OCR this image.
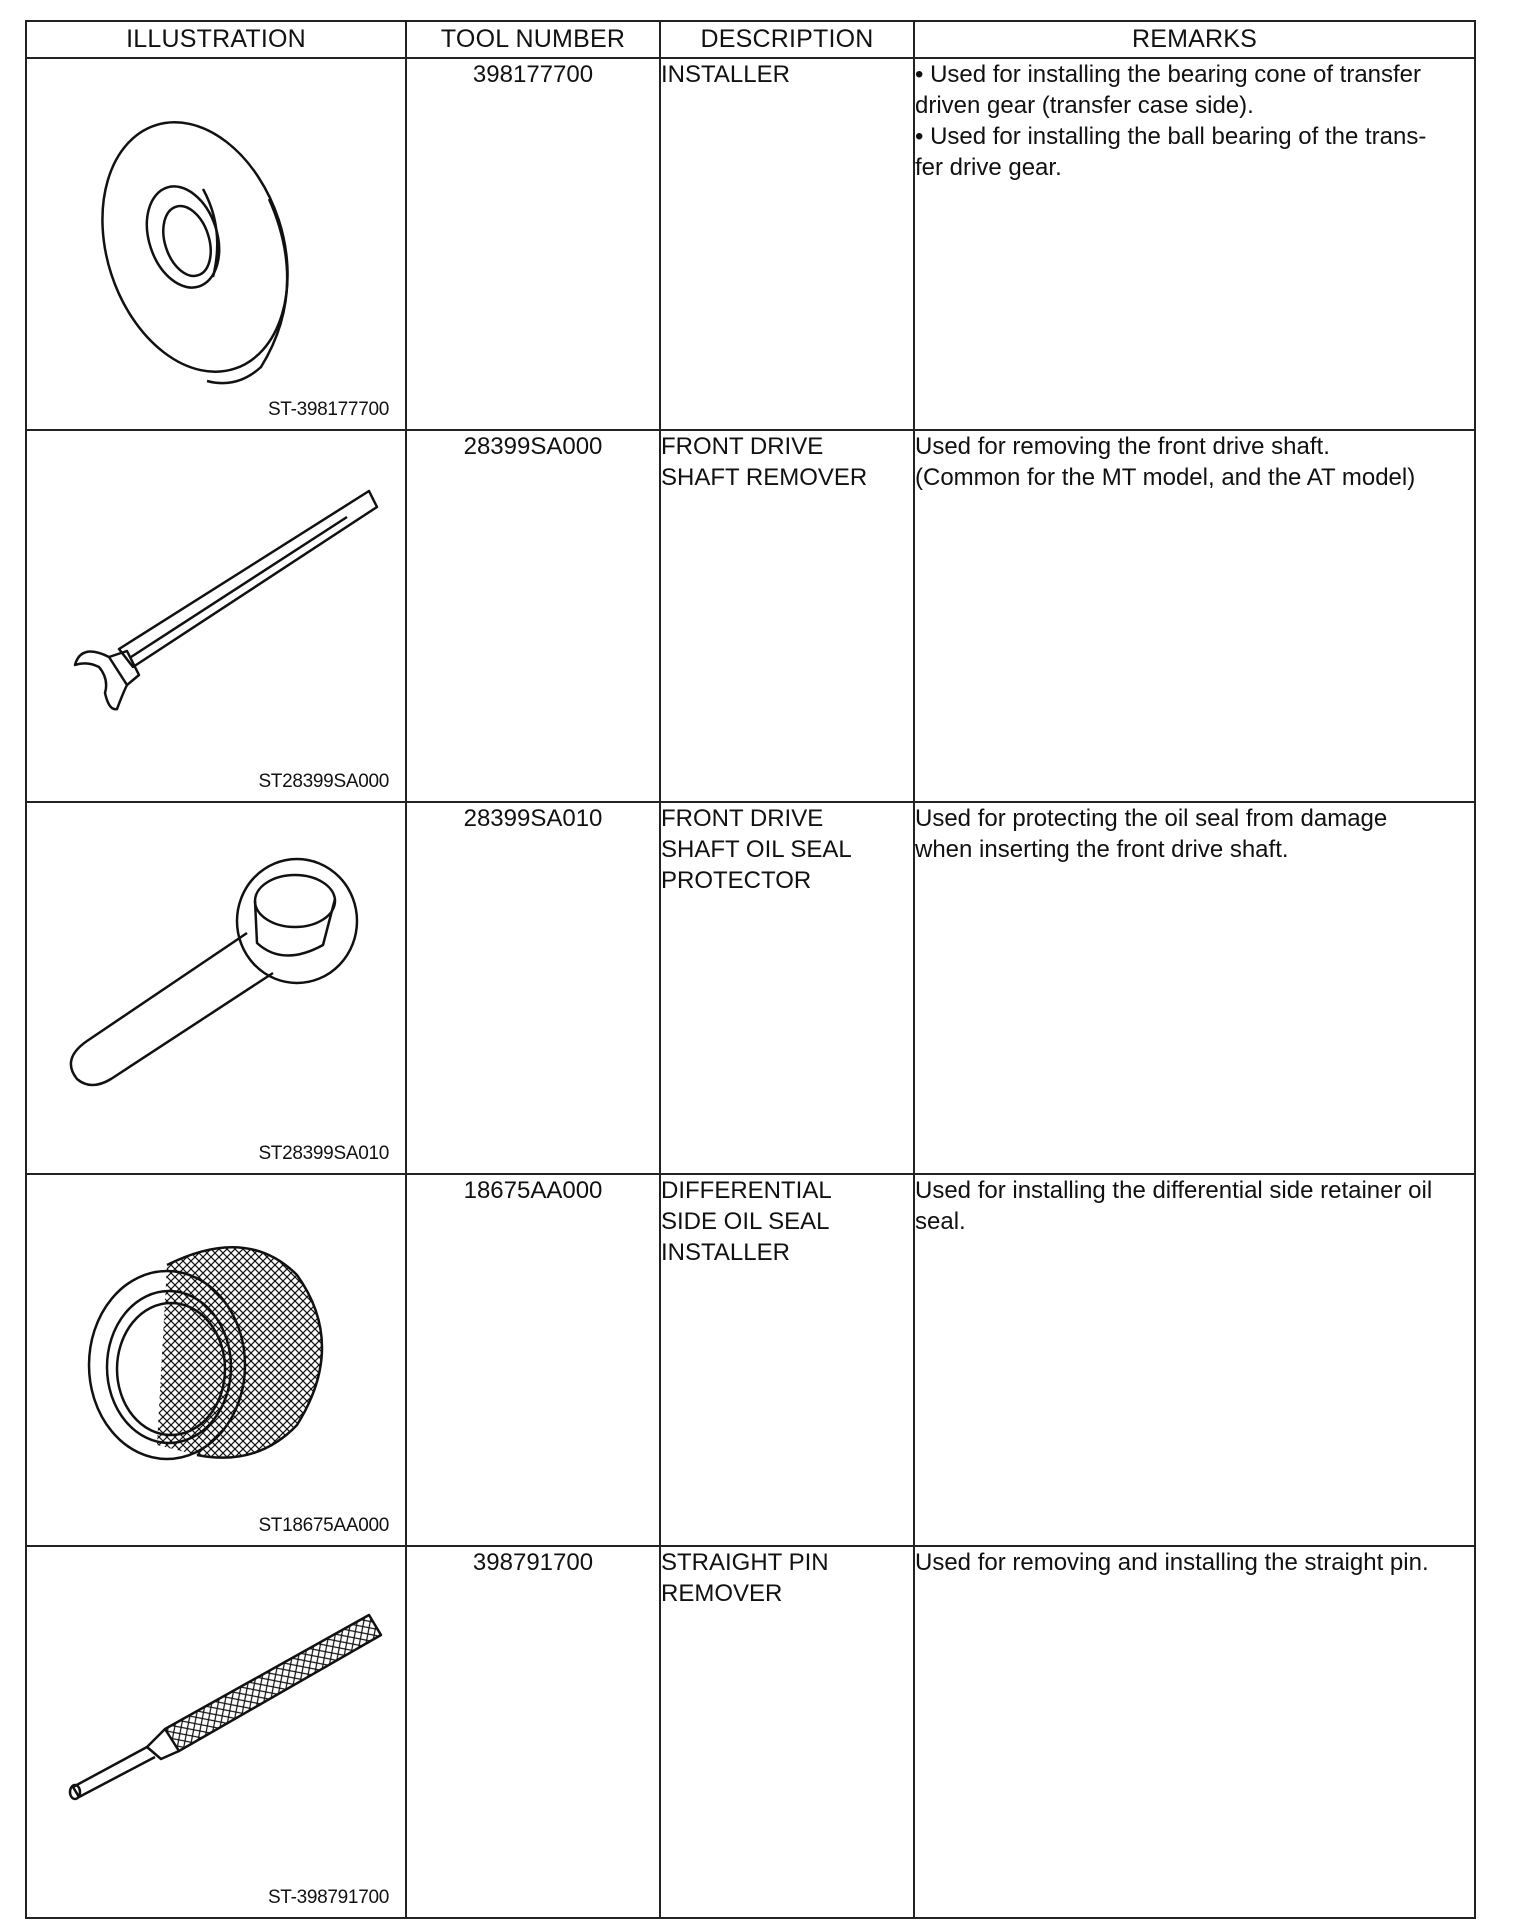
ILLUSTRATION	TOOL NUMBER	DESCRIPTION	REMARKS

ST-398177700	398177700	INSTALLER	• Used for installing the bearing cone of transfer
driven gear (transfer case side).
• Used for installing the ball bearing of the trans-
fer drive gear.

ST28399SA000	28399SA000	FRONT DRIVE
SHAFT REMOVER	Used for removing the front drive shaft.
(Common for the MT model, and the AT model)

ST28399SA010	28399SA010	FRONT DRIVE
SHAFT OIL SEAL
PROTECTOR	Used for protecting the oil seal from damage
when inserting the front drive shaft.

ST18675AA000	18675AA000	DIFFERENTIAL
SIDE OIL SEAL
INSTALLER	Used for installing the differential side retainer oil
seal.

ST-398791700	398791700	STRAIGHT PIN
REMOVER	Used for removing and installing the straight pin.
